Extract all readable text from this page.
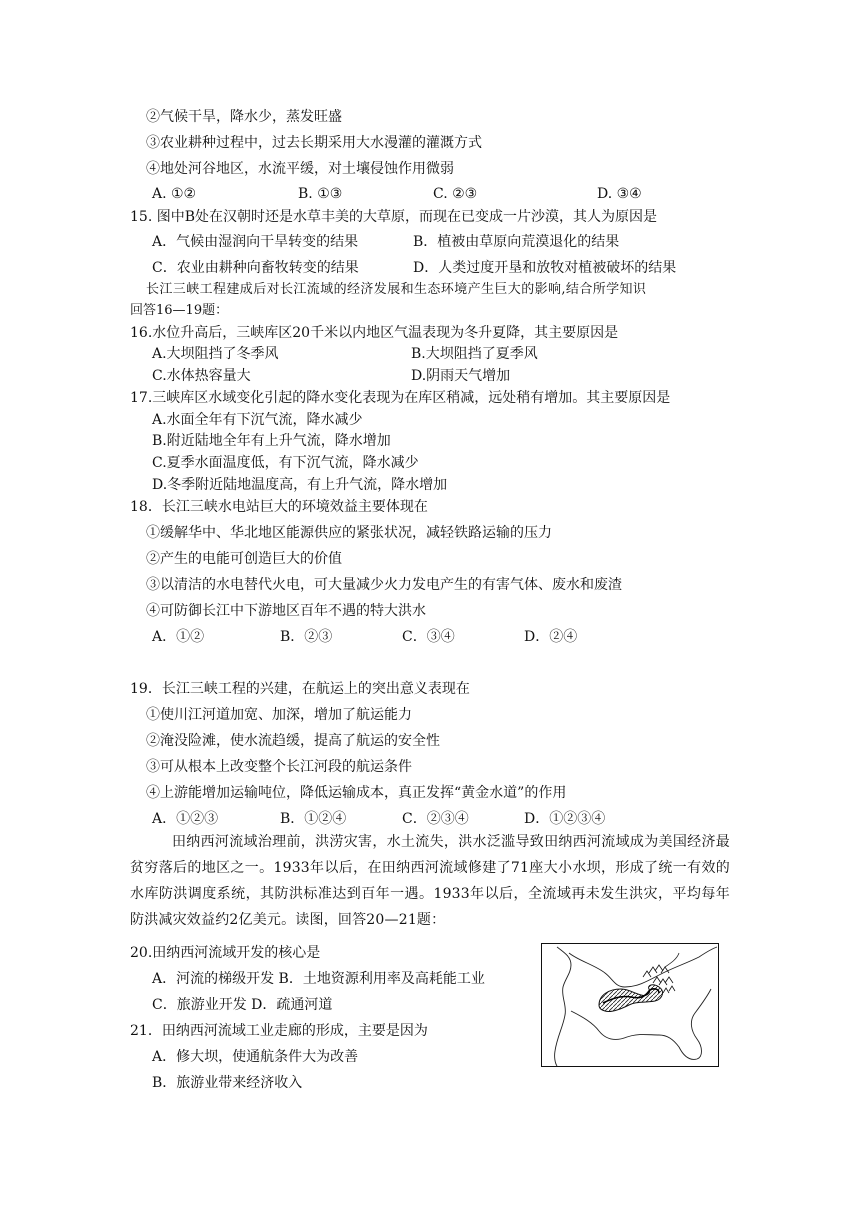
②气候干旱，降水少，蒸发旺盛
③农业耕种过程中，过去长期采用大水漫灌的灌溉方式
④地处河谷地区，水流平缓，对土壤侵蚀作用微弱
A. ①②	B. ①③	C. ②③	D. ③④
15. 图中B处在汉朝时还是水草丰美的大草原，而现在已变成一片沙漠，其人为原因是
A．气候由湿润向干旱转变的结果	B．植被由草原向荒漠退化的结果
C．农业由耕种向畜牧转变的结果	D．人类过度开垦和放牧对植被破坏的结果
长江三峡工程建成后对长江流域的经济发展和生态环境产生巨大的影响,结合所学知识
回答16—19题：
16.水位升高后，三峡库区20千米以内地区气温表现为冬升夏降，其主要原因是
A.大坝阻挡了冬季风	B.大坝阻挡了夏季风
C.水体热容量大	D.阴雨天气增加
17.三峡库区水域变化引起的降水变化表现为在库区稍减，远处稍有增加。其主要原因是
A.水面全年有下沉气流，降水减少
B.附近陆地全年有上升气流，降水增加
C.夏季水面温度低，有下沉气流，降水减少
D.冬季附近陆地温度高，有上升气流，降水增加
18．长江三峡水电站巨大的环境效益主要体现在
①缓解华中、华北地区能源供应的紧张状况，减轻铁路运输的压力
②产生的电能可创造巨大的价值
③以清洁的水电替代火电，可大量减少火力发电产生的有害气体、废水和废渣
④可防御长江中下游地区百年不遇的特大洪水
A．①②	B．②③	C．③④	D．②④
19．长江三峡工程的兴建，在航运上的突出意义表现在
①使川江河道加宽、加深，增加了航运能力
②淹没险滩，使水流趋缓，提高了航运的安全性
③可从根本上改变整个长江河段的航运条件
④上游能增加运输吨位，降低运输成本，真正发挥“黄金水道”的作用
A．①②③	B．①②④	C．②③④	D．①②③④
田纳西河流域治理前，洪涝灾害，水土流失，洪水泛滥导致田纳西河流域成为美国经济最贫穷落后的地区之一。1933年以后，在田纳西河流域修建了71座大小水坝，形成了统一有效的水库防洪调度系统，其防洪标准达到百年一遇。1933年以后，全流域再未发生洪灾，平均每年防洪减灾效益约2亿美元。读图，回答20—21题：
20.田纳西河流域开发的核心是
A．河流的梯级开发 B．土地资源利用率及高耗能工业
C．旅游业开发 D．疏通河道
21．田纳西河流域工业走廊的形成，主要是因为
A．修大坝，使通航条件大为改善
B．旅游业带来经济收入
